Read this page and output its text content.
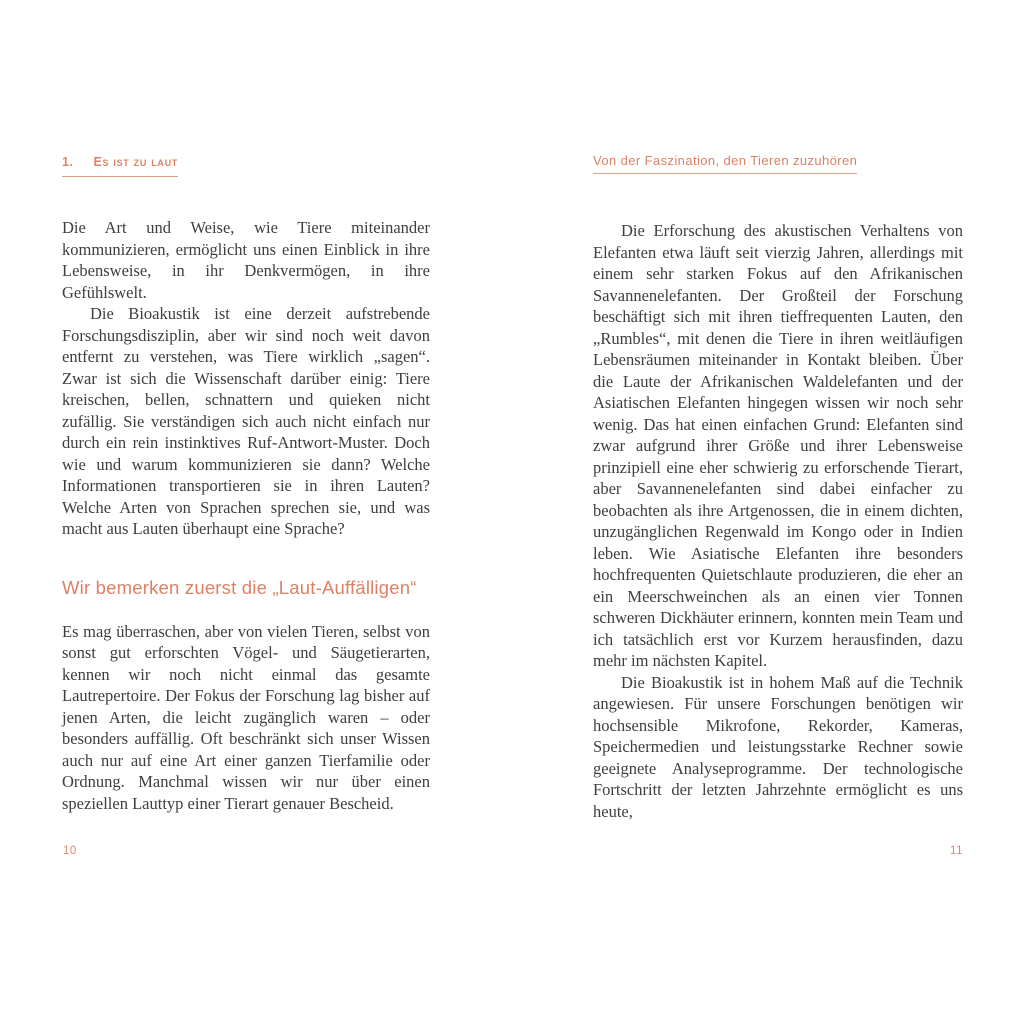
1. Es ist zu laut

Die Art und Weise, wie Tiere miteinander kommunizieren, ermöglicht uns einen Einblick in ihre Lebensweise, in ihr Denkvermögen, in ihre Gefühlswelt.

Die Bioakustik ist eine derzeit aufstrebende Forschungsdisziplin, aber wir sind noch weit davon entfernt zu verstehen, was Tiere wirklich „sagen“. Zwar ist sich die Wissenschaft darüber einig: Tiere kreischen, bellen, schnattern und quieken nicht zufällig. Sie verständigen sich auch nicht einfach nur durch ein rein instinktives Ruf-Antwort-Muster. Doch wie und warum kommunizieren sie dann? Welche Informationen transportieren sie in ihren Lauten? Welche Arten von Sprachen sprechen sie, und was macht aus Lauten überhaupt eine Sprache?

Wir bemerken zuerst die „Laut-Auffälligen“

Es mag überraschen, aber von vielen Tieren, selbst von sonst gut erforschten Vögel- und Säugetierarten, kennen wir noch nicht einmal das gesamte Lautrepertoire. Der Fokus der Forschung lag bisher auf jenen Arten, die leicht zugänglich waren – oder besonders auffällig. Oft beschränkt sich unser Wissen auch nur auf eine Art einer ganzen Tierfamilie oder Ordnung. Manchmal wissen wir nur über einen speziellen Lauttyp einer Tierart genauer Bescheid.

10
Von der Faszination, den Tieren zuzuhören

Die Erforschung des akustischen Verhaltens von Elefanten etwa läuft seit vierzig Jahren, allerdings mit einem sehr starken Fokus auf den Afrikanischen Savannenelefanten. Der Großteil der Forschung beschäftigt sich mit ihren tieffrequenten Lauten, den „Rumbles“, mit denen die Tiere in ihren weitläufigen Lebensräumen miteinander in Kontakt bleiben. Über die Laute der Afrikanischen Waldelefanten und der Asiatischen Elefanten hingegen wissen wir noch sehr wenig. Das hat einen einfachen Grund: Elefanten sind zwar aufgrund ihrer Größe und ihrer Lebensweise prinzipiell eine eher schwierig zu erforschende Tierart, aber Savannenelefanten sind dabei einfacher zu beobachten als ihre Artgenossen, die in einem dichten, unzugänglichen Regenwald im Kongo oder in Indien leben. Wie Asiatische Elefanten ihre besonders hochfrequenten Quietschlaute produzieren, die eher an ein Meerschweinchen als an einen vier Tonnen schweren Dickhäuter erinnern, konnten mein Team und ich tatsächlich erst vor Kurzem herausfinden, dazu mehr im nächsten Kapitel.

Die Bioakustik ist in hohem Maß auf die Technik angewiesen. Für unsere Forschungen benötigen wir hochsensible Mikrofone, Rekorder, Kameras, Speichermedien und leistungsstarke Rechner sowie geeignete Analyseprogramme. Der technologische Fortschritt der letzten Jahrzehnte ermöglicht es uns heute,

11
